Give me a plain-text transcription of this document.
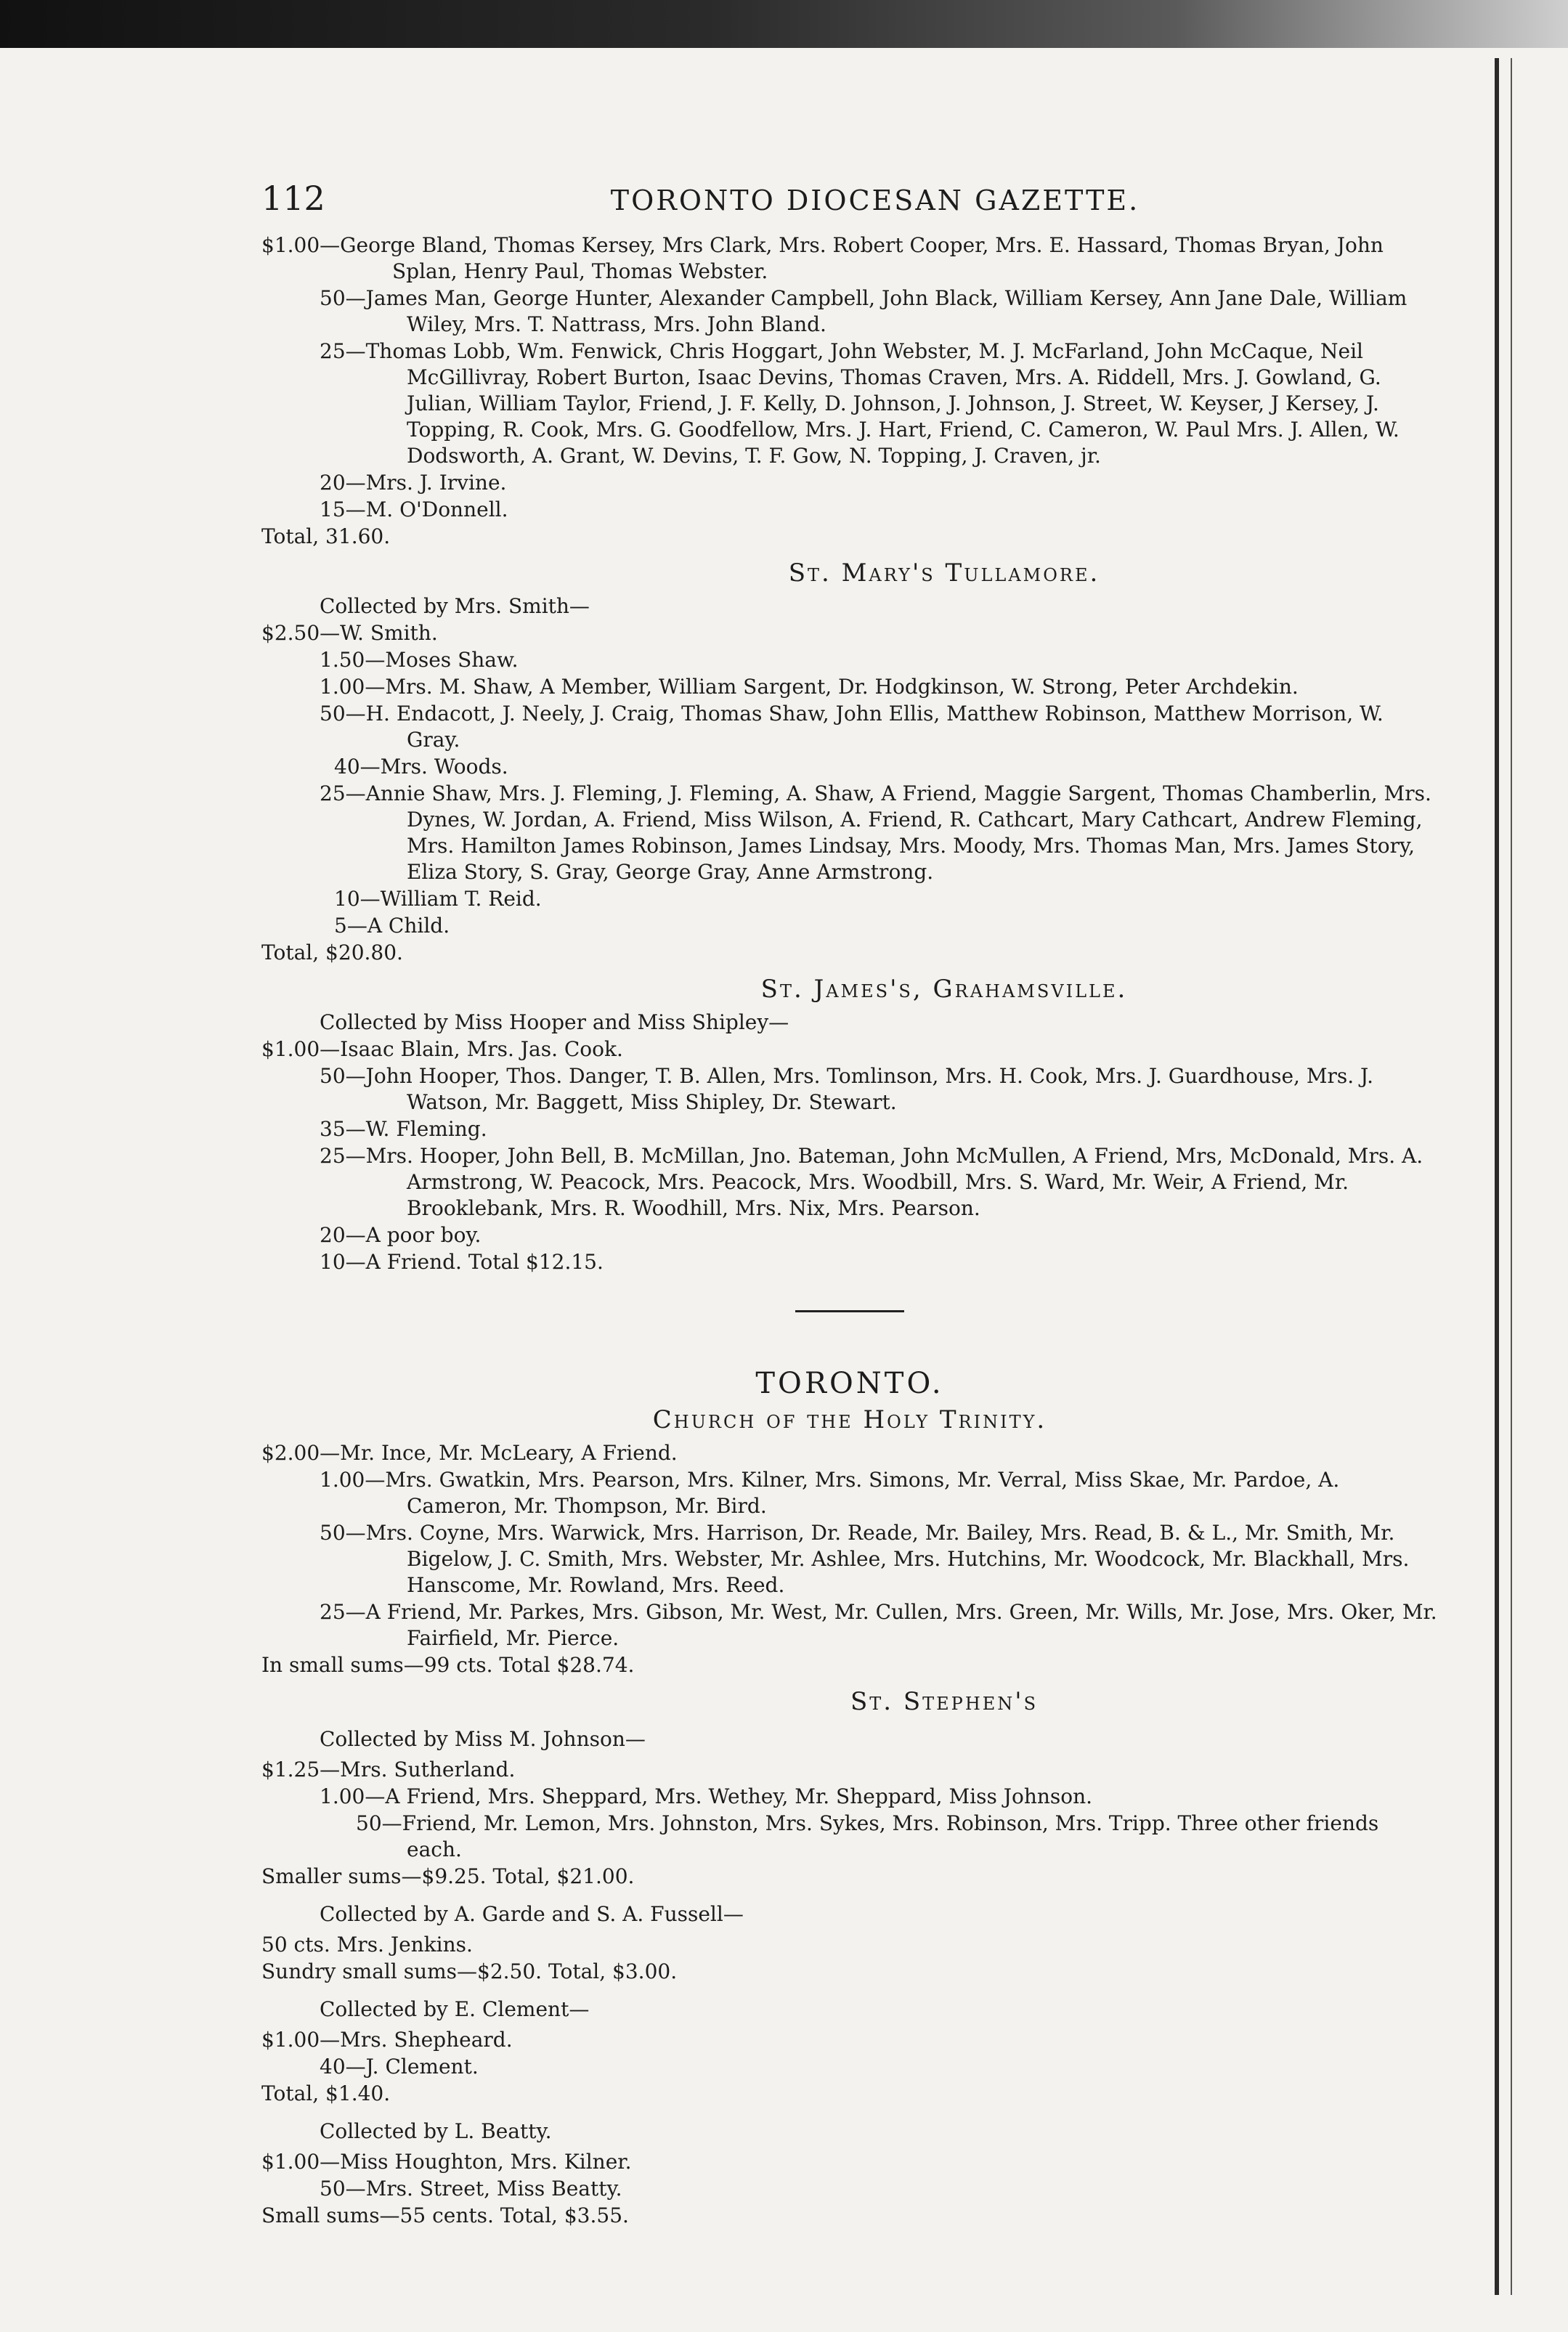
112	TORONTO DIOCESAN GAZETTE.

$1.00—George Bland, Thomas Kersey, Mrs Clark, Mrs. Robert Cooper, Mrs. E. Hassard, Thomas Bryan, John Splan, Henry Paul, Thomas Webster.

50—James Man, George Hunter, Alexander Campbell, John Black, William Kersey, Ann Jane Dale, William Wiley, Mrs. T. Nattrass, Mrs. John Bland.

25—Thomas Lobb, Wm. Fenwick, Chris Hoggart, John Webster, M. J. McFarland, John McCaque, Neil McGillivray, Robert Burton, Isaac Devins, Thomas Craven, Mrs. A. Riddell, Mrs. J. Gowland, G. Julian, William Taylor, Friend, J. F. Kelly, D. Johnson, J. Johnson, J. Street, W. Keyser, J Kersey, J. Topping, R. Cook, Mrs. G. Goodfellow, Mrs. J. Hart, Friend, C. Cameron, W. Paul Mrs. J. Allen, W. Dodsworth, A. Grant, W. Devins, T. F. Gow, N. Topping, J. Craven, jr.

20—Mrs. J. Irvine.

15—M. O'Donnell.

Total, 31.60.

St. Mary's Tullamore.

Collected by Mrs. Smith—

$2.50—W. Smith.

1.50—Moses Shaw.

1.00—Mrs. M. Shaw, A Member, William Sargent, Dr. Hodgkinson, W. Strong, Peter Archdekin.

50—H. Endacott, J. Neely, J. Craig, Thomas Shaw, John Ellis, Matthew Robinson, Matthew Morrison, W. Gray.

40—Mrs. Woods.

25—Annie Shaw, Mrs. J. Fleming, J. Fleming, A. Shaw, A Friend, Maggie Sargent, Thomas Chamberlin, Mrs. Dynes, W. Jordan, A. Friend, Miss Wilson, A. Friend, R. Cathcart, Mary Cathcart, Andrew Fleming, Mrs. Hamilton James Robinson, James Lindsay, Mrs. Moody, Mrs. Thomas Man, Mrs. James Story, Eliza Story, S. Gray, George Gray, Anne Armstrong.

10—William T. Reid.

5—A Child.

Total, $20.80.

St. James's, Grahamsville.

Collected by Miss Hooper and Miss Shipley—

$1.00—Isaac Blain, Mrs. Jas. Cook.

50—John Hooper, Thos. Danger, T. B. Allen, Mrs. Tomlinson, Mrs. H. Cook, Mrs. J. Guardhouse, Mrs. J. Watson, Mr. Baggett, Miss Shipley, Dr. Stewart.

35—W. Fleming.

25—Mrs. Hooper, John Bell, B. McMillan, Jno. Bateman, John McMullen, A Friend, Mrs, McDonald, Mrs. A. Armstrong, W. Peacock, Mrs. Peacock, Mrs. Woodbill, Mrs. S. Ward, Mr. Weir, A Friend, Mr. Brooklebank, Mrs. R. Woodhill, Mrs. Nix, Mrs. Pearson.

20—A poor boy.

10—A Friend. Total $12.15.

TORONTO.
Church of the Holy Trinity.

$2.00—Mr. Ince, Mr. McLeary, A Friend.

1.00—Mrs. Gwatkin, Mrs. Pearson, Mrs. Kilner, Mrs. Simons, Mr. Verral, Miss Skae, Mr. Pardoe, A. Cameron, Mr. Thompson, Mr. Bird.

50—Mrs. Coyne, Mrs. Warwick, Mrs. Harrison, Dr. Reade, Mr. Bailey, Mrs. Read, B. & L., Mr. Smith, Mr. Bigelow, J. C. Smith, Mrs. Webster, Mr. Ashlee, Mrs. Hutchins, Mr. Woodcock, Mr. Blackhall, Mrs. Hanscome, Mr. Rowland, Mrs. Reed.

25—A Friend, Mr. Parkes, Mrs. Gibson, Mr. West, Mr. Cullen, Mrs. Green, Mr. Wills, Mr. Jose, Mrs. Oker, Mr. Fairfield, Mr. Pierce.

In small sums—99 cts. Total $28.74.

St. Stephen's

Collected by Miss M. Johnson—

$1.25—Mrs. Sutherland.

1.00—A Friend, Mrs. Sheppard, Mrs. Wethey, Mr. Sheppard, Miss Johnson.

50—Friend, Mr. Lemon, Mrs. Johnston, Mrs. Sykes, Mrs. Robinson, Mrs. Tripp. Three other friends each.

Smaller sums—$9.25. Total, $21.00.

Collected by A. Garde and S. A. Fussell—

50 cts. Mrs. Jenkins.

Sundry small sums—$2.50. Total, $3.00.

Collected by E. Clement—

$1.00—Mrs. Shepheard.

40—J. Clement.

Total, $1.40.

Collected by L. Beatty.

$1.00—Miss Houghton, Mrs. Kilner.

50—Mrs. Street, Miss Beatty.

Small sums—55 cents. Total, $3.55.
